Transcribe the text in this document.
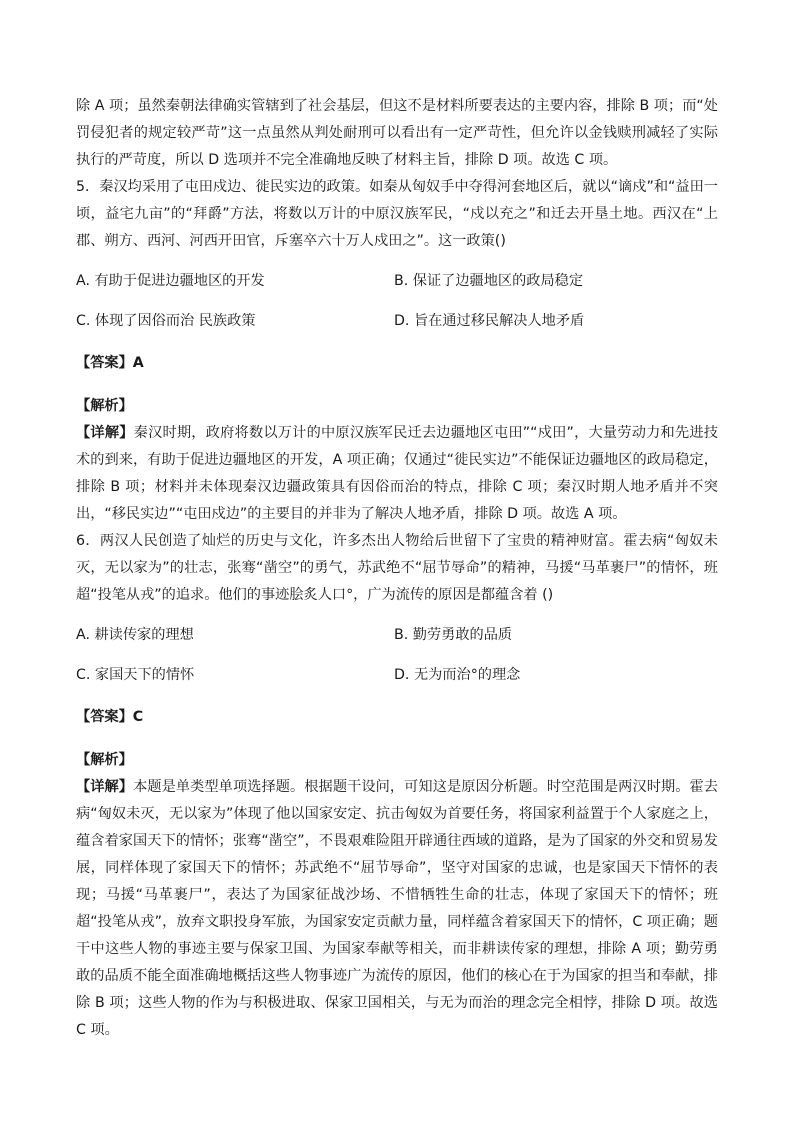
除 A 项；虽然秦朝法律确实管辖到了社会基层，但这不是材料所要表达的主要内容，排除 B 项；而“处罚侵犯者的规定较严苛”这一点虽然从判处耐刑可以看出有一定严苛性，但允许以金钱赎刑减轻了实际执行的严苛度，所以 D 选项并不完全准确地反映了材料主旨，排除 D 项。故选 C 项。

5．秦汉均采用了屯田戍边、徙民实边的政策。如秦从匈奴手中夺得河套地区后，就以“谪戍”和“益田一顷，益宅九亩”的“拜爵”方法，将数以万计的中原汉族军民，“戍以充之”和迁去开垦土地。西汉在“上郡、朔方、西河、河西开田官，斥塞卒六十万人戍田之”。这一政策()

A. 有助于促进边疆地区的开发	B. 保证了边疆地区的政局稳定
C. 体现了因俗而治 民族政策	D. 旨在通过移民解决人地矛盾

【答案】A

【解析】

【详解】秦汉时期，政府将数以万计的中原汉族军民迁去边疆地区屯田”“戍田”，大量劳动力和先进技术的到来，有助于促进边疆地区的开发，A 项正确；仅通过“徙民实边”不能保证边疆地区的政局稳定，排除 B 项；材料并未体现秦汉边疆政策具有因俗而治的特点，排除 C 项；秦汉时期人地矛盾并不突出，“移民实边”“屯田戍边”的主要目的并非为了解决人地矛盾，排除 D 项。故选 A 项。

6．两汉人民创造了灿烂的历史与文化，许多杰出人物给后世留下了宝贵的精神财富。霍去病“匈奴未灭，无以家为”的壮志，张骞“凿空”的勇气，苏武绝不“屈节辱命”的精神，马援“马革裹尸”的情怀，班超“投笔从戎”的追求。他们的事迹脍炙人口°，广为流传的原因是都蕴含着 ()

A. 耕读传家的理想	B. 勤劳勇敢的品质
C. 家国天下的情怀	D. 无为而治°的理念

【答案】C

【解析】

【详解】本题是单类型单项选择题。根据题干设问，可知这是原因分析题。时空范围是两汉时期。霍去病“匈奴未灭，无以家为”体现了他以国家安定、抗击匈奴为首要任务，将国家利益置于个人家庭之上，蕴含着家国天下的情怀；张骞“凿空”，不畏艰难险阻开辟通往西域的道路，是为了国家的外交和贸易发展，同样体现了家国天下的情怀；苏武绝不“屈节辱命”，坚守对国家的忠诚，也是家国天下情怀的表现；马援“马革裹尸”，表达了为国家征战沙场、不惜牺牲生命的壮志，体现了家国天下的情怀；班超“投笔从戎”，放弃文职投身军旅，为国家安定贡献力量，同样蕴含着家国天下的情怀，C 项正确；题干中这些人物的事迹主要与保家卫国、为国家奉献等相关，而非耕读传家的理想，排除 A 项；勤劳勇敢的品质不能全面准确地概括这些人物事迹广为流传的原因，他们的核心在于为国家的担当和奉献，排除 B 项；这些人物的作为与积极进取、保家卫国相关，与无为而治的理念完全相悖，排除 D 项。故选 C 项。
